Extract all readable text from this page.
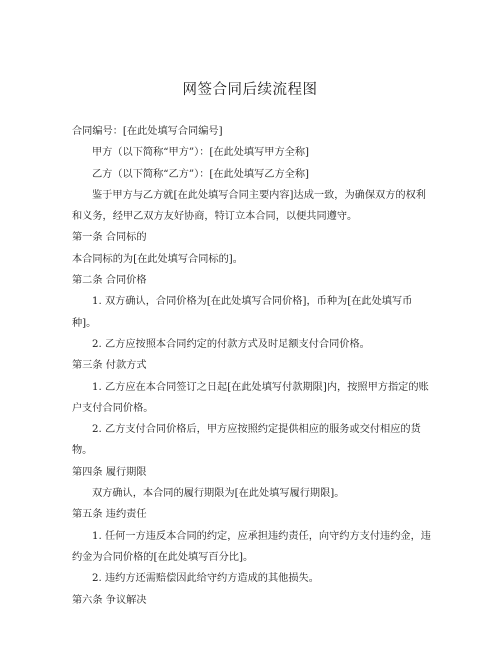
网签合同后续流程图

合同编号：[在此处填写合同编号]

甲方（以下简称“甲方”）：[在此处填写甲方全称]

乙方（以下简称“乙方”）：[在此处填写乙方全称]

鉴于甲方与乙方就[在此处填写合同主要内容]达成一致，为确保双方的权利和义务，经甲乙双方友好协商，特订立本合同，以便共同遵守。

第一条 合同标的

本合同标的为[在此处填写合同标的]。

第二条 合同价格

1. 双方确认，合同价格为[在此处填写合同价格]，币种为[在此处填写币种]。

2. 乙方应按照本合同约定的付款方式及时足额支付合同价格。

第三条 付款方式

1. 乙方应在本合同签订之日起[在此处填写付款期限]内，按照甲方指定的账户支付合同价格。

2. 乙方支付合同价格后，甲方应按照约定提供相应的服务或交付相应的货物。

第四条 履行期限

双方确认，本合同的履行期限为[在此处填写履行期限]。

第五条 违约责任

1. 任何一方违反本合同的约定，应承担违约责任，向守约方支付违约金，违约金为合同价格的[在此处填写百分比]。

2. 违约方还需赔偿因此给守约方造成的其他损失。

第六条 争议解决
